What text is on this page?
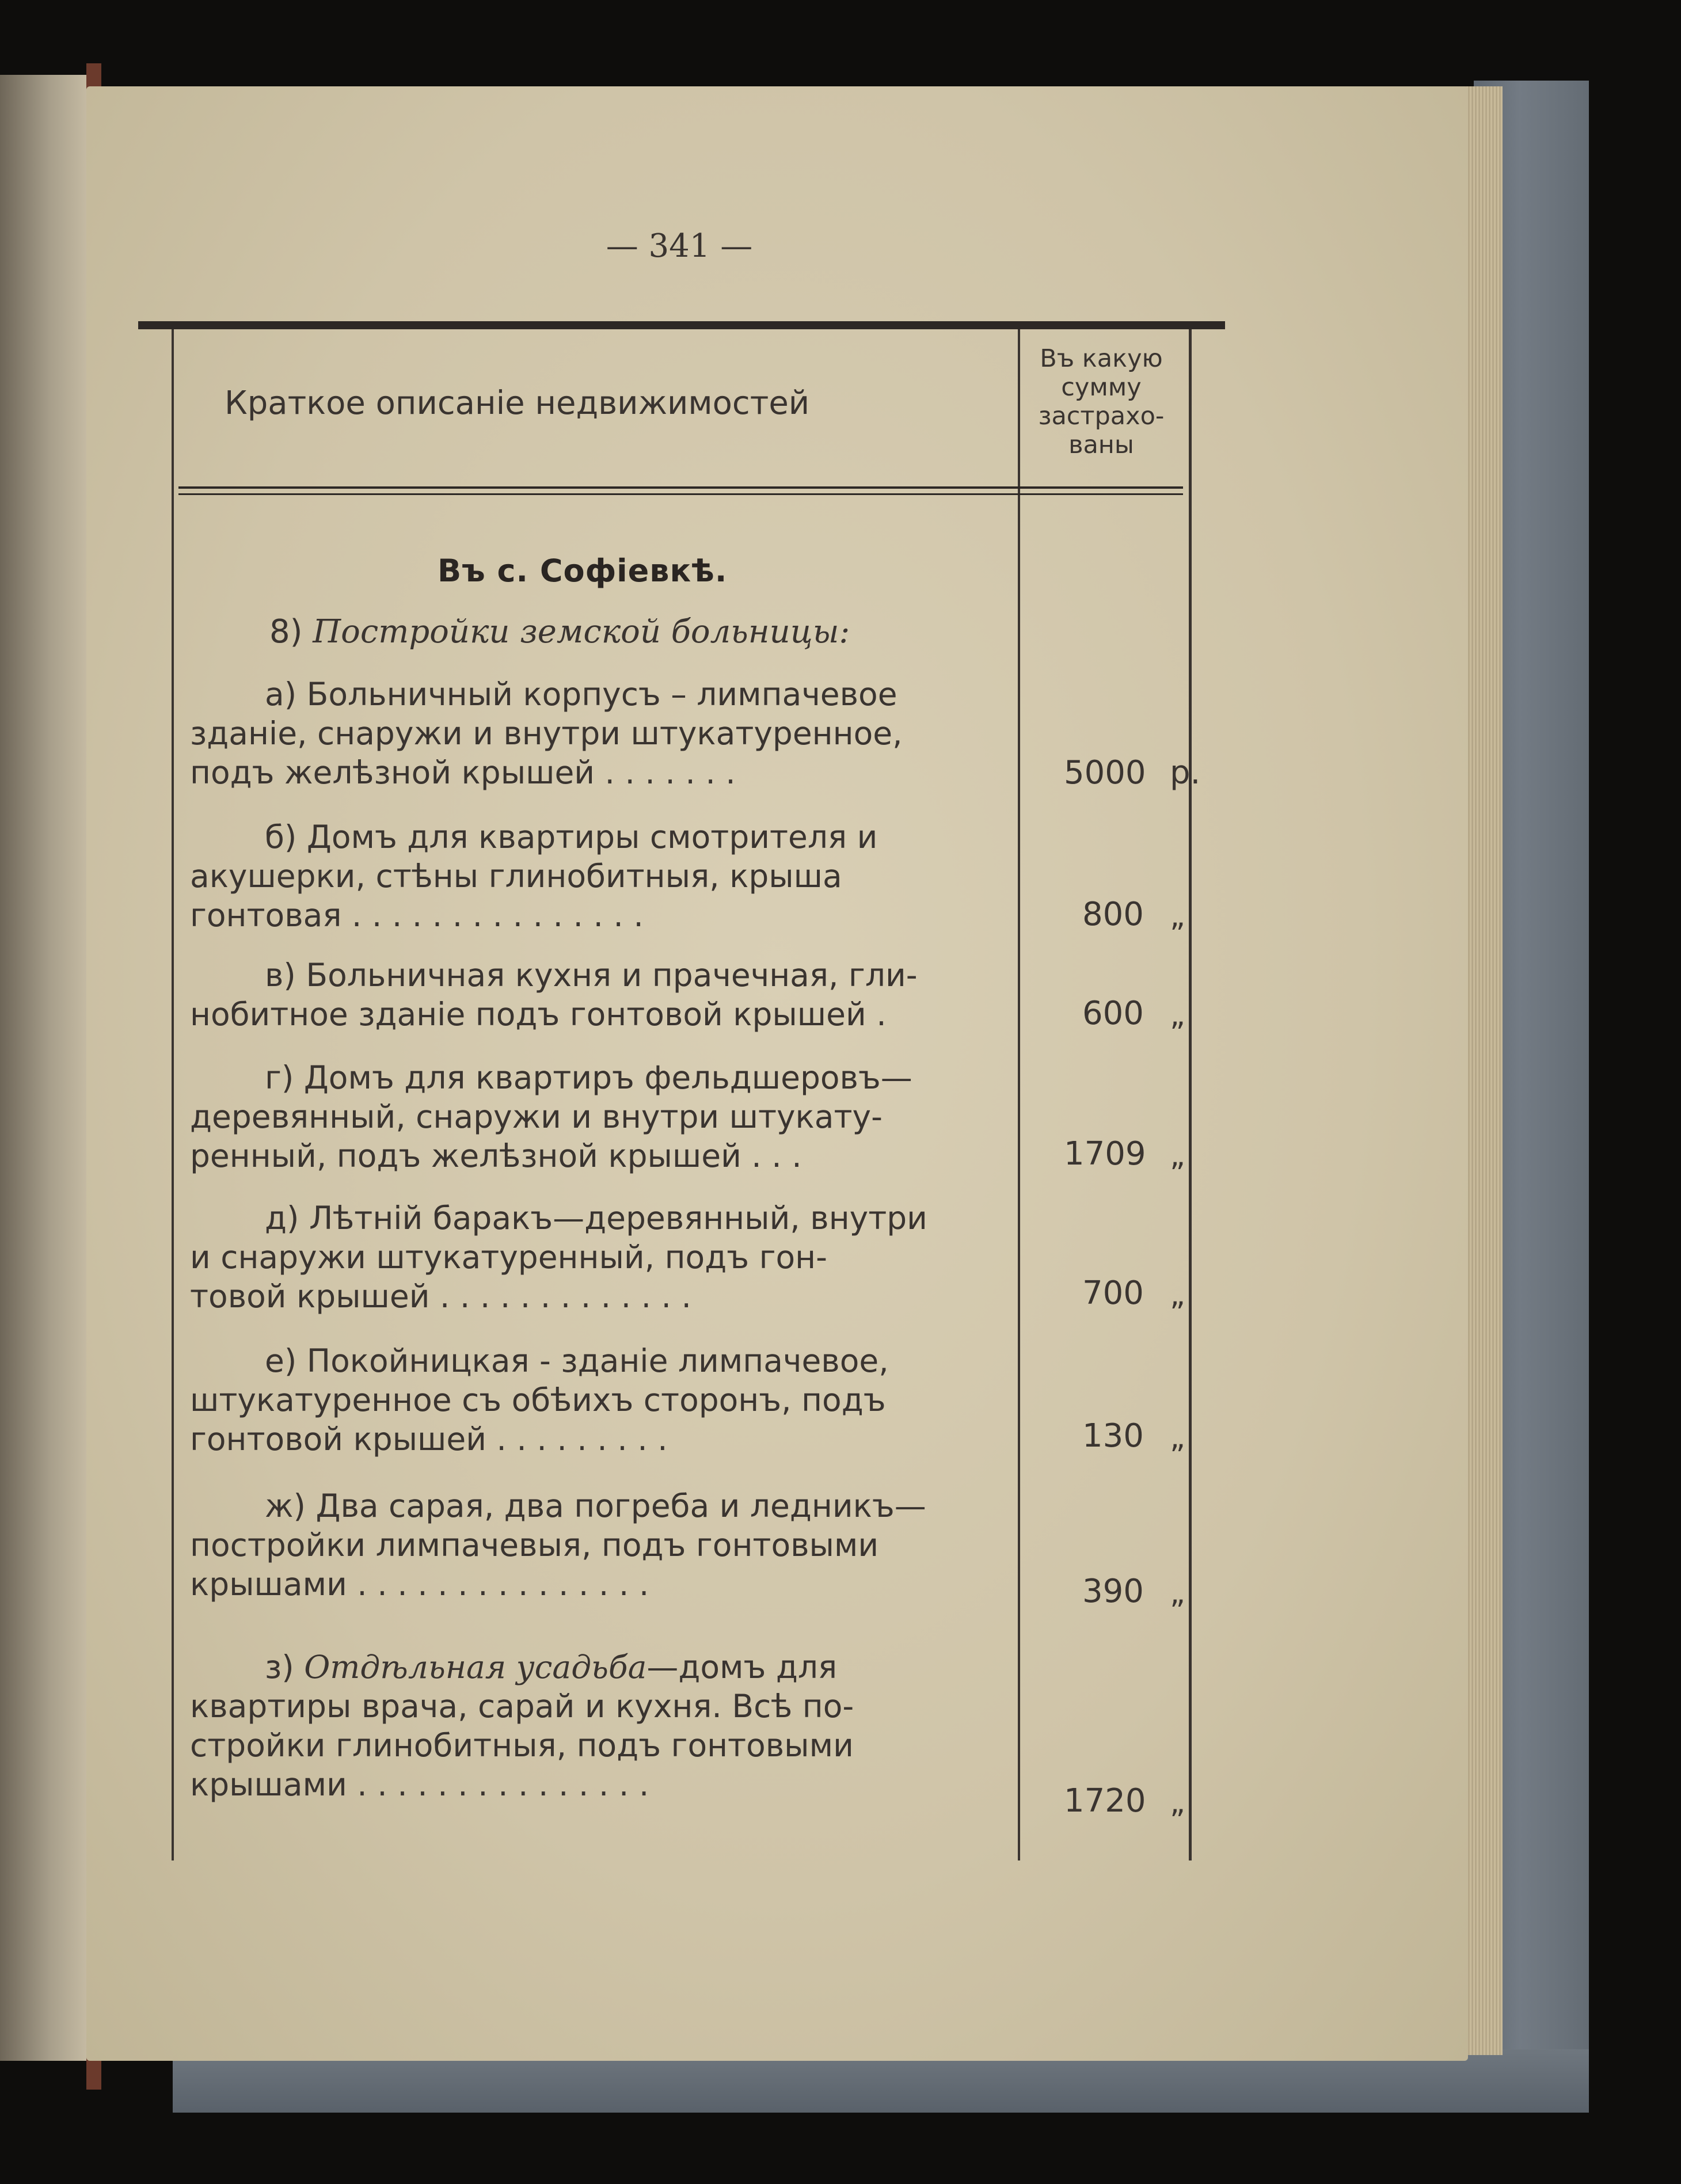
— 341 —
Краткое описаніе недвижимостей
Въ какую
сумму
застрахо-
ваны
Въ с. Софіевкѣ.
8) Постройки земской больницы:
а) Больничный корпусъ – лимпачевое
зданіе, снаружи и внутри штукатуренное,
подъ желѣзной крышей . . . . . . .	5000 р.
б) Домъ для квартиры смотрителя и
акушерки, стѣны глинобитныя, крыша
гонтовая . . . . . . . . . . . . . . .	800 „
в) Больничная кухня и прачечная, гли-
нобитное зданіе подъ гонтовой крышей .	600 „
г) Домъ для квартиръ фельдшеровъ—
деревянный, снаружи и внутри штукату-
ренный, подъ желѣзной крышей . . .	1709 „
д) Лѣтній баракъ—деревянный, внутри
и снаружи штукатуренный, подъ гон-
товой крышей . . . . . . . . . . . . .	700 „
е) Покойницкая - зданіе лимпачевое,
штукатуренное съ обѣихъ сторонъ, подъ
гонтовой крышей . . . . . . . . .	130 „
ж) Два сарая, два погреба и ледникъ—
постройки лимпачевыя, подъ гонтовыми
крышами . . . . . . . . . . . . . . .	390 „
з) Отдѣльная усадьба—домъ для
квартиры врача, сарай и кухня. Всѣ по-
стройки глинобитныя, подъ гонтовыми
крышами . . . . . . . . . . . . . . .	1720 „
